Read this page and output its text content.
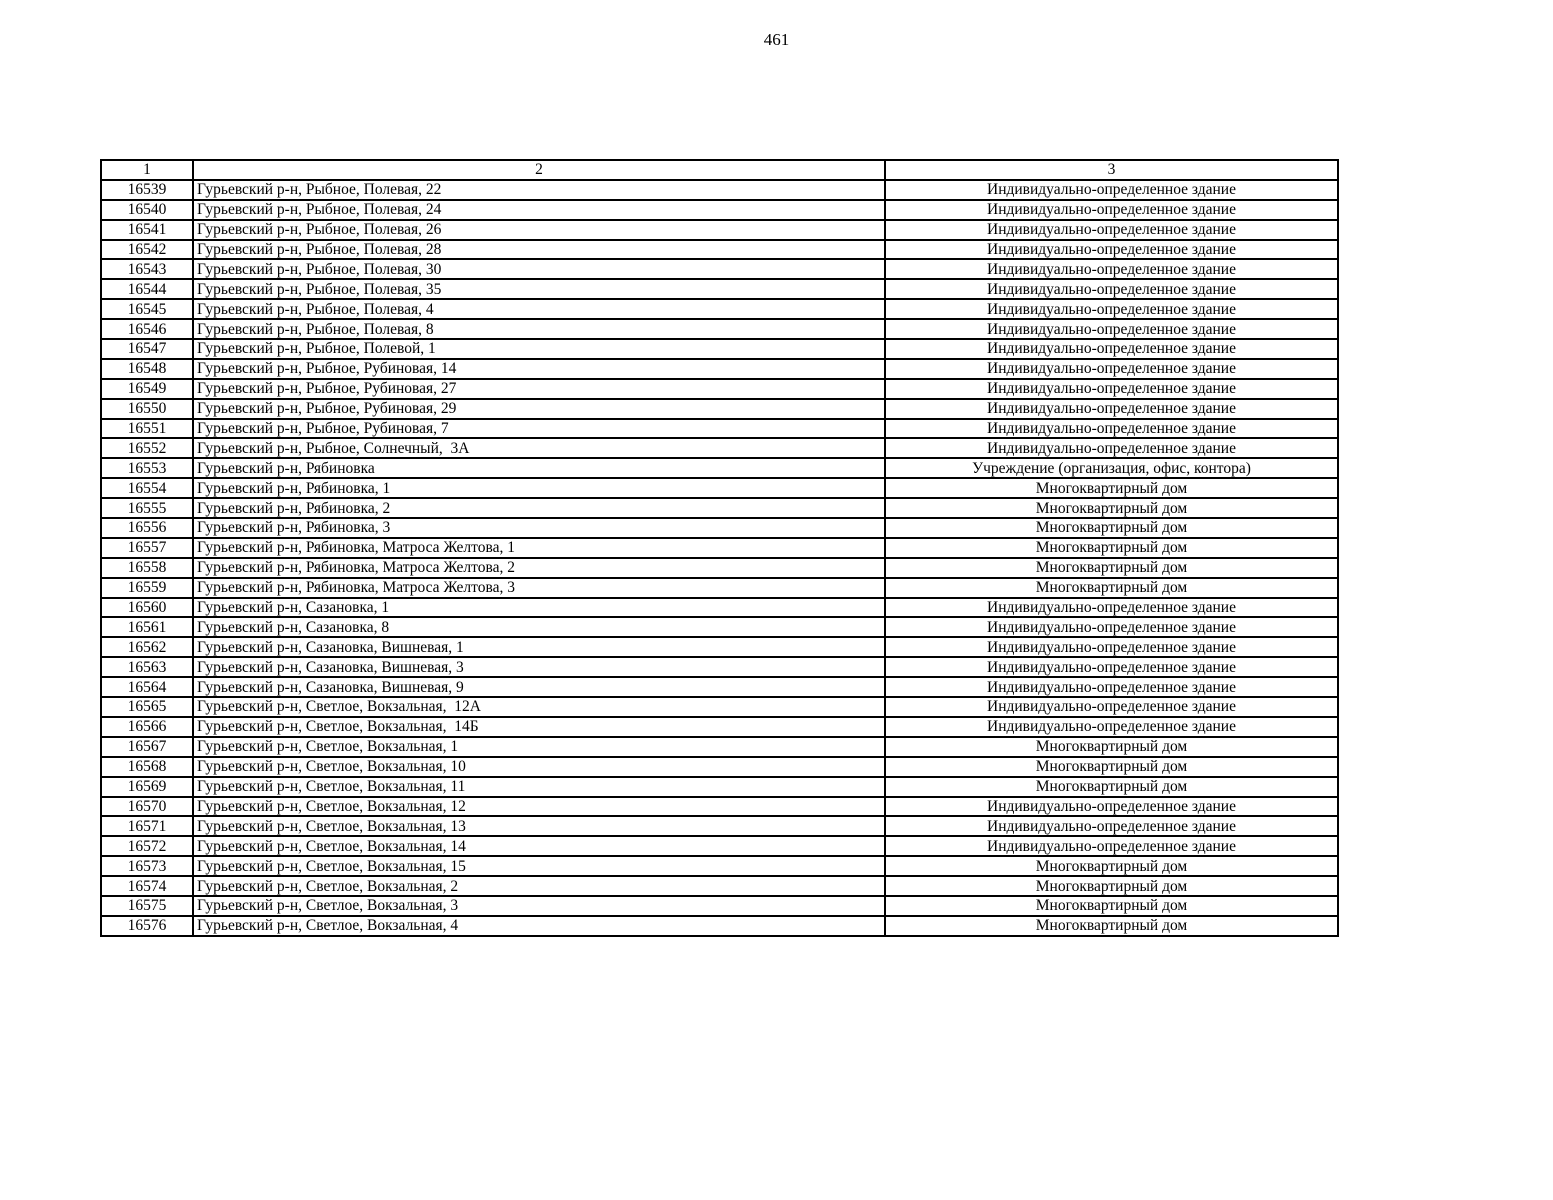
461
1	2	3
16539	Гурьевский р-н, Рыбное, Полевая, 22	Индивидуально-определенное здание
16540	Гурьевский р-н, Рыбное, Полевая, 24	Индивидуально-определенное здание
16541	Гурьевский р-н, Рыбное, Полевая, 26	Индивидуально-определенное здание
16542	Гурьевский р-н, Рыбное, Полевая, 28	Индивидуально-определенное здание
16543	Гурьевский р-н, Рыбное, Полевая, 30	Индивидуально-определенное здание
16544	Гурьевский р-н, Рыбное, Полевая, 35	Индивидуально-определенное здание
16545	Гурьевский р-н, Рыбное, Полевая, 4	Индивидуально-определенное здание
16546	Гурьевский р-н, Рыбное, Полевая, 8	Индивидуально-определенное здание
16547	Гурьевский р-н, Рыбное, Полевой, 1	Индивидуально-определенное здание
16548	Гурьевский р-н, Рыбное, Рубиновая, 14	Индивидуально-определенное здание
16549	Гурьевский р-н, Рыбное, Рубиновая, 27	Индивидуально-определенное здание
16550	Гурьевский р-н, Рыбное, Рубиновая, 29	Индивидуально-определенное здание
16551	Гурьевский р-н, Рыбное, Рубиновая, 7	Индивидуально-определенное здание
16552	Гурьевский р-н, Рыбное, Солнечный,  3А	Индивидуально-определенное здание
16553	Гурьевский р-н, Рябиновка	Учреждение (организация, офис, контора)
16554	Гурьевский р-н, Рябиновка, 1	Многоквартирный дом
16555	Гурьевский р-н, Рябиновка, 2	Многоквартирный дом
16556	Гурьевский р-н, Рябиновка, 3	Многоквартирный дом
16557	Гурьевский р-н, Рябиновка, Матроса Желтова, 1	Многоквартирный дом
16558	Гурьевский р-н, Рябиновка, Матроса Желтова, 2	Многоквартирный дом
16559	Гурьевский р-н, Рябиновка, Матроса Желтова, 3	Многоквартирный дом
16560	Гурьевский р-н, Сазановка, 1	Индивидуально-определенное здание
16561	Гурьевский р-н, Сазановка, 8	Индивидуально-определенное здание
16562	Гурьевский р-н, Сазановка, Вишневая, 1	Индивидуально-определенное здание
16563	Гурьевский р-н, Сазановка, Вишневая, 3	Индивидуально-определенное здание
16564	Гурьевский р-н, Сазановка, Вишневая, 9	Индивидуально-определенное здание
16565	Гурьевский р-н, Светлое, Вокзальная,  12А	Индивидуально-определенное здание
16566	Гурьевский р-н, Светлое, Вокзальная,  14Б	Индивидуально-определенное здание
16567	Гурьевский р-н, Светлое, Вокзальная, 1	Многоквартирный дом
16568	Гурьевский р-н, Светлое, Вокзальная, 10	Многоквартирный дом
16569	Гурьевский р-н, Светлое, Вокзальная, 11	Многоквартирный дом
16570	Гурьевский р-н, Светлое, Вокзальная, 12	Индивидуально-определенное здание
16571	Гурьевский р-н, Светлое, Вокзальная, 13	Индивидуально-определенное здание
16572	Гурьевский р-н, Светлое, Вокзальная, 14	Индивидуально-определенное здание
16573	Гурьевский р-н, Светлое, Вокзальная, 15	Многоквартирный дом
16574	Гурьевский р-н, Светлое, Вокзальная, 2	Многоквартирный дом
16575	Гурьевский р-н, Светлое, Вокзальная, 3	Многоквартирный дом
16576	Гурьевский р-н, Светлое, Вокзальная, 4	Многоквартирный дом
